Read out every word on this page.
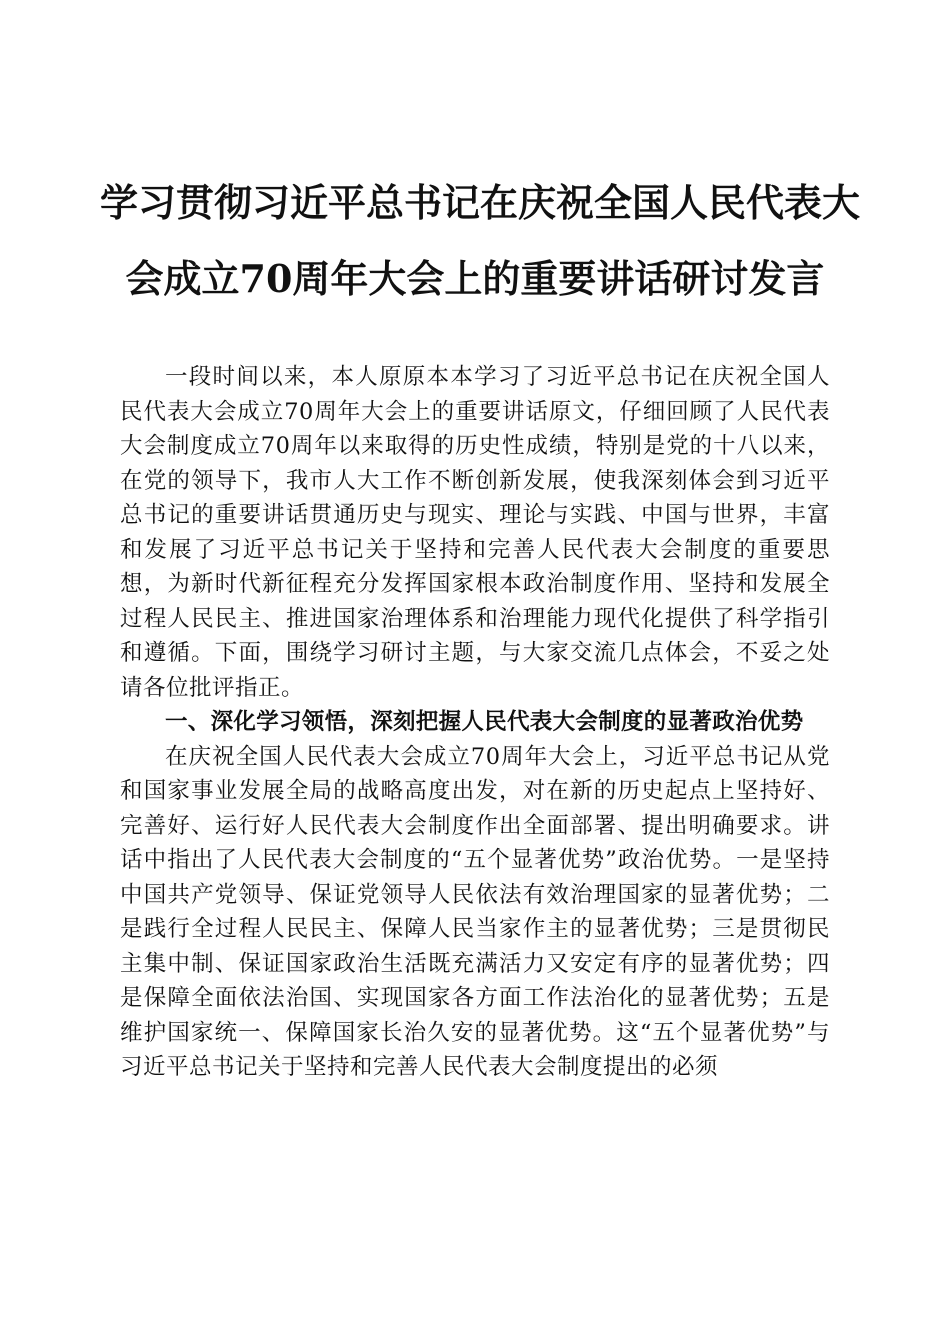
学习贯彻习近平总书记在庆祝全国人民代表大
会成立70周年大会上的重要讲话研讨发言

一段时间以来，本人原原本本学习了习近平总书记在庆祝全国人民代表大会成立70周年大会上的重要讲话原文，仔细回顾了人民代表大会制度成立70周年以来取得的历史性成绩，特别是党的十八以来，在党的领导下，我市人大工作不断创新发展，使我深刻体会到习近平总书记的重要讲话贯通历史与现实、理论与实践、中国与世界，丰富和发展了习近平总书记关于坚持和完善人民代表大会制度的重要思想，为新时代新征程充分发挥国家根本政治制度作用、坚持和发展全过程人民民主、推进国家治理体系和治理能力现代化提供了科学指引和遵循。下面，围绕学习研讨主题，与大家交流几点体会，不妥之处请各位批评指正。

一、深化学习领悟，深刻把握人民代表大会制度的显著政治优势

在庆祝全国人民代表大会成立70周年大会上，习近平总书记从党和国家事业发展全局的战略高度出发，对在新的历史起点上坚持好、完善好、运行好人民代表大会制度作出全面部署、提出明确要求。讲话中指出了人民代表大会制度的“五个显著优势”政治优势。一是坚持中国共产党领导、保证党领导人民依法有效治理国家的显著优势；二是践行全过程人民民主、保障人民当家作主的显著优势；三是贯彻民主集中制、保证国家政治生活既充满活力又安定有序的显著优势；四是保障全面依法治国、实现国家各方面工作法治化的显著优势；五是维护国家统一、保障国家长治久安的显著优势。这“五个显著优势”与习近平总书记关于坚持和完善人民代表大会制度提出的必须
